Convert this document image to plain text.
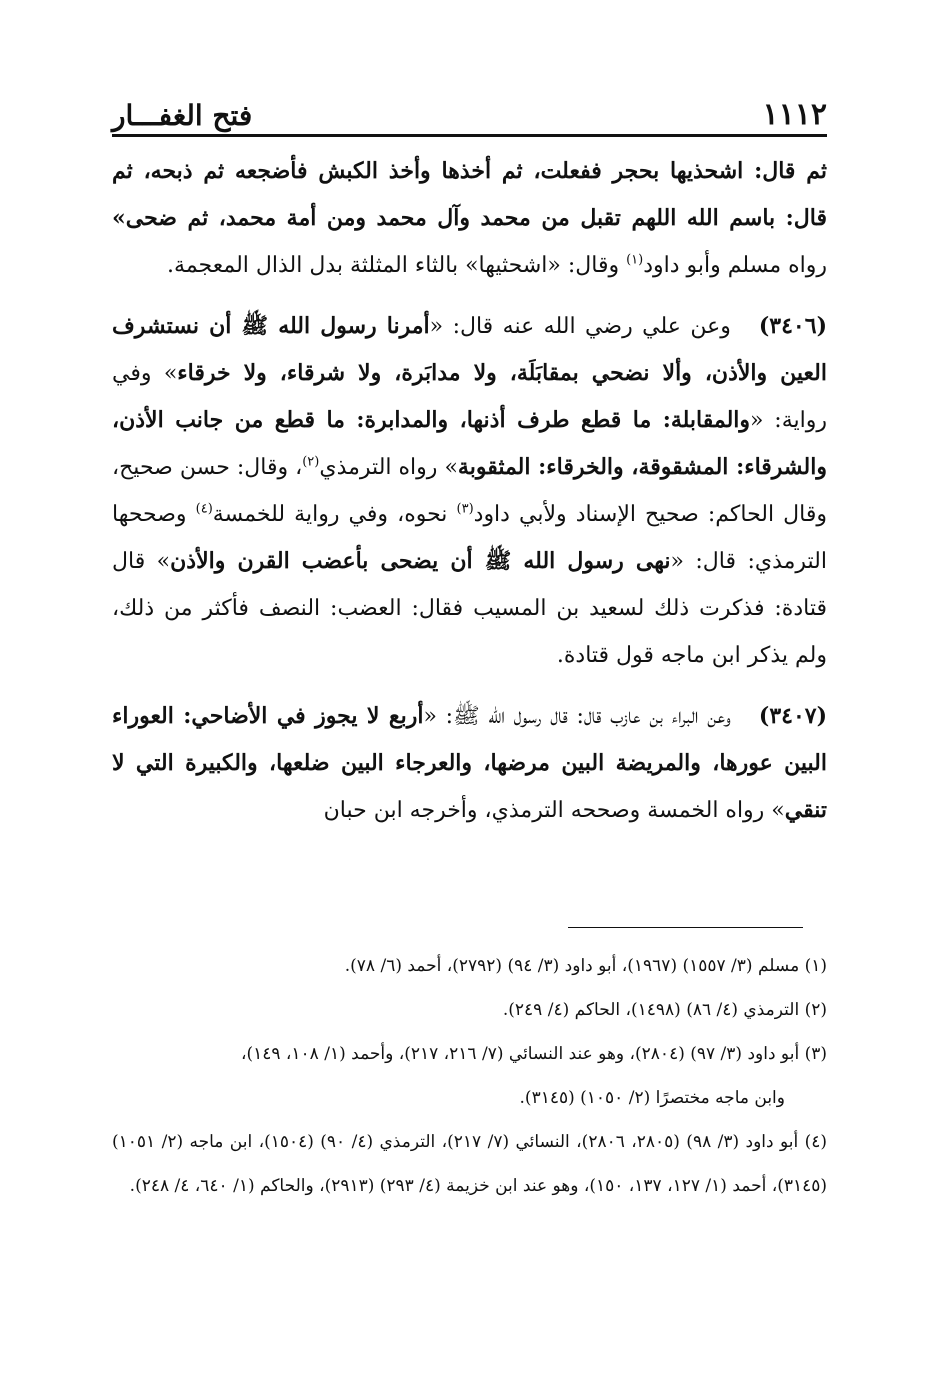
١١١٢
فتح الغفـــار

ثم قال: اشحذيها بحجر ففعلت، ثم أخذها وأخذ الكبش فأضجعه ثم ذبحه، ثم قال: باسم الله اللهم تقبل من محمد وآل محمد ومن أمة محمد، ثم ضحى» رواه مسلم وأبو داود$^{(١)}$ وقال: «اشحثيها» بالثاء المثلثة بدل الذال المعجمة.

(٣٤٠٦)وعن علي رضي الله عنه قال: «أمرنا رسول الله ﷺ أن نستشرف العين والأذن، وألا نضحي بمقابَلَة، ولا مدابَرة، ولا شرقاء، ولا خرقاء» وفي رواية: «والمقابلة: ما قطع طرف أذنها، والمدابرة: ما قطع من جانب الأذن، والشرقاء: المشقوقة، والخرقاء: المثقوبة» رواه الترمذي$^{(٢)}$، وقال: حسن صحيح، وقال الحاكم: صحيح الإسناد ولأبي داود$^{(٣)}$ نحوه، وفي رواية للخمسة$^{(٤)}$ وصححها الترمذي: قال: «نهى رسول الله ﷺ أن يضحى بأعضب القرن والأذن» قال قتادة: فذكرت ذلك لسعيد بن المسيب فقال: العضب: النصف فأكثر من ذلك، ولم يذكر ابن ماجه قول قتادة.

(٣٤٠٧)وعن البراء بن عازب قال: قال رسول الله ﷺ: «أربع لا يجوز في الأضاحي: العوراء البين عورها، والمريضة البين مرضها، والعرجاء البين ضلعها، والكبيرة التي لا تنقي» رواه الخمسة وصححه الترمذي، وأخرجه ابن حبان

(١) مسلم (٣/ ١٥٥٧) (١٩٦٧)، أبو داود (٣/ ٩٤) (٢٧٩٢)، أحمد (٦/ ٧٨).

(٢) الترمذي (٤/ ٨٦) (١٤٩٨)، الحاكم (٤/ ٢٤٩).

(٣) أبو داود (٣/ ٩٧) (٢٨٠٤)، وهو عند النسائي (٧/ ٢١٦، ٢١٧)، وأحمد (١/ ١٠٨، ١٤٩)،

وابن ماجه مختصرًا (٢/ ١٠٥٠) (٣١٤٥).

(٤) أبو داود (٣/ ٩٨) (٢٨٠٥، ٢٨٠٦)، النسائي (٧/ ٢١٧)، الترمذي (٤/ ٩٠) (١٥٠٤)، ابن ماجه (٢/ ١٠٥١) (٣١٤٥)، أحمد (١/ ١٢٧، ١٣٧، ١٥٠)، وهو عند ابن خزيمة (٤/ ٢٩٣) (٢٩١٣)، والحاكم (١/ ٦٤٠، ٤/ ٢٤٨).
